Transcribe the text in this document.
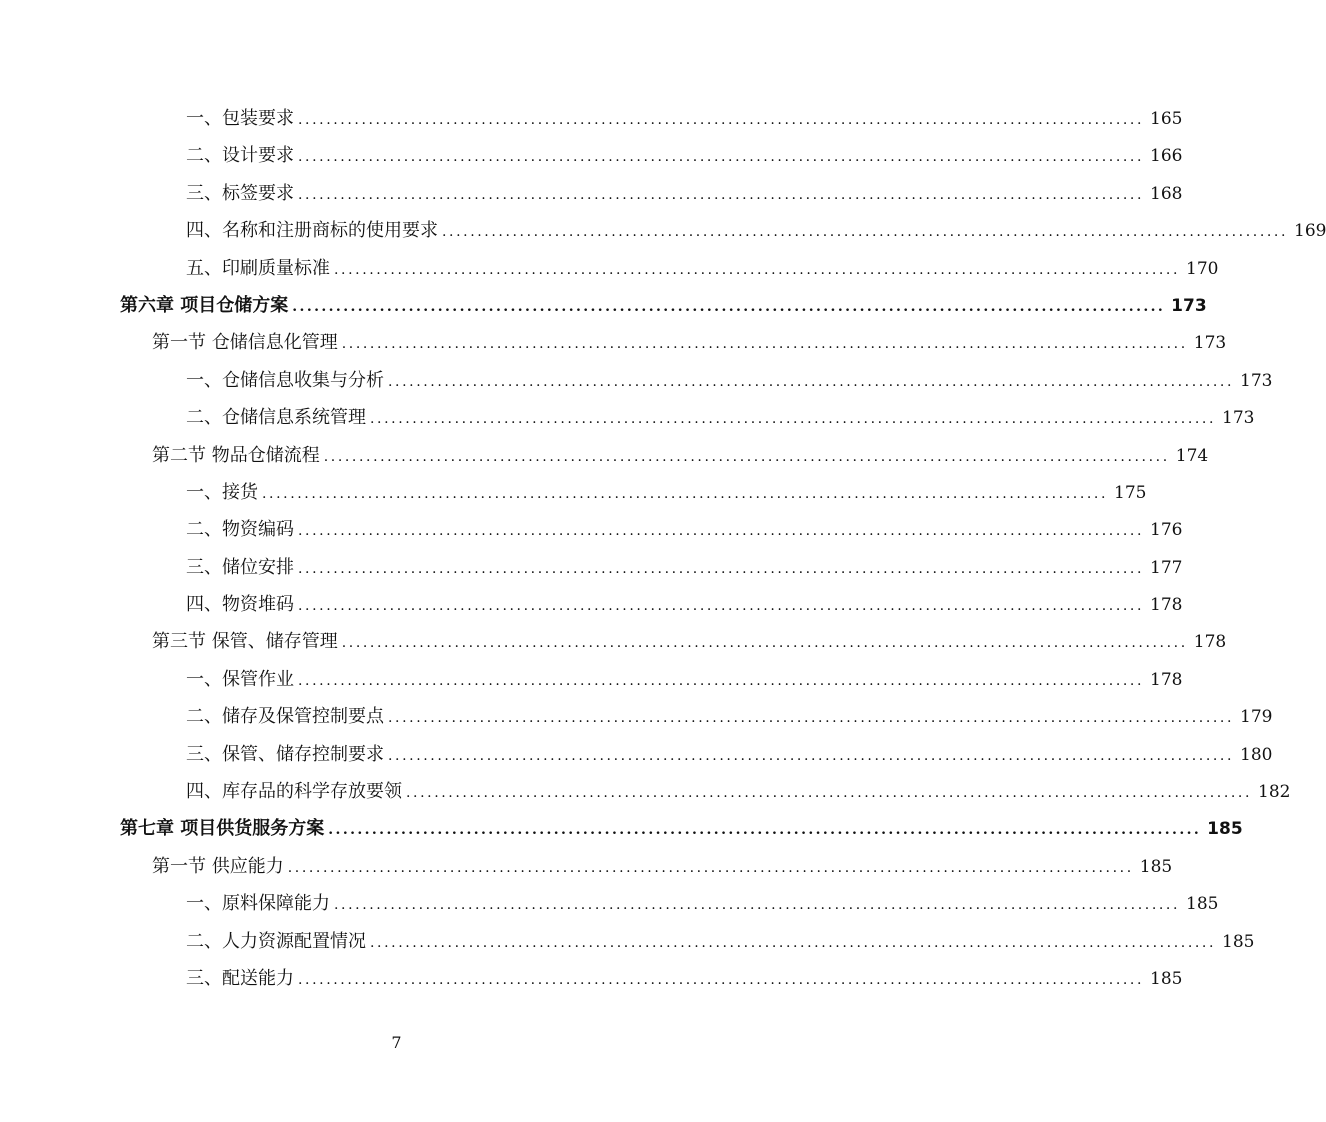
一、包装要求 ........................................................................................................................ 165
二、设计要求 ........................................................................................................................ 166
三、标签要求 ........................................................................................................................ 168
四、名称和注册商标的使用要求 ........................................................................................................................ 169
五、印刷质量标准 ........................................................................................................................ 170
第六章 项目仓储方案 ........................................................................................................................ 173
第一节 仓储信息化管理 ........................................................................................................................ 173
一、仓储信息收集与分析 ........................................................................................................................ 173
二、仓储信息系统管理 ........................................................................................................................ 173
第二节 物品仓储流程 ........................................................................................................................ 174
一、接货 ........................................................................................................................ 175
二、物资编码 ........................................................................................................................ 176
三、储位安排 ........................................................................................................................ 177
四、物资堆码 ........................................................................................................................ 178
第三节 保管、储存管理 ........................................................................................................................ 178
一、保管作业 ........................................................................................................................ 178
二、储存及保管控制要点 ........................................................................................................................ 179
三、保管、储存控制要求 ........................................................................................................................ 180
四、库存品的科学存放要领 ........................................................................................................................ 182
第七章 项目供货服务方案 ........................................................................................................................ 185
第一节 供应能力 ........................................................................................................................ 185
一、原料保障能力 ........................................................................................................................ 185
二、人力资源配置情况 ........................................................................................................................ 185
三、配送能力 ........................................................................................................................ 185
7
